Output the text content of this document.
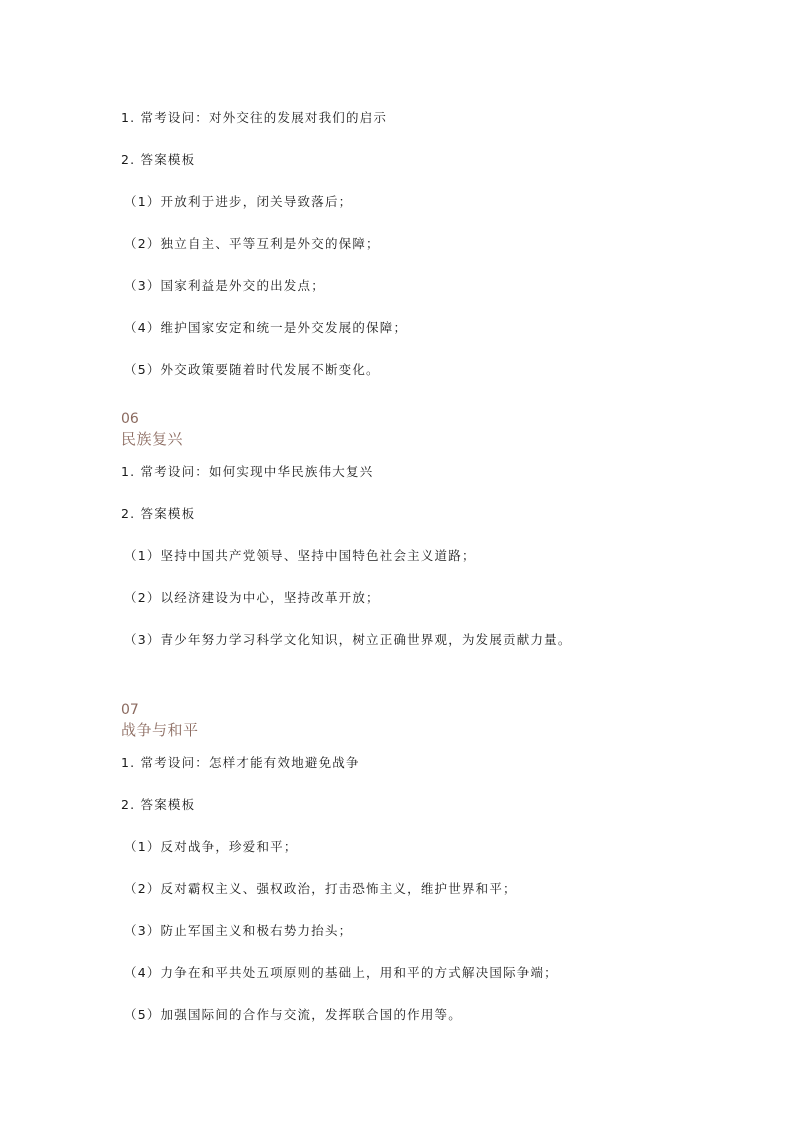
1. 常考设问：对外交往的发展对我们的启示
2. 答案模板
（1）开放利于进步，闭关导致落后；
（2）独立自主、平等互利是外交的保障；
（3）国家利益是外交的出发点；
（4）维护国家安定和统一是外交发展的保障；
（5）外交政策要随着时代发展不断变化。
06
民族复兴
1. 常考设问：如何实现中华民族伟大复兴
2. 答案模板
（1）坚持中国共产党领导、坚持中国特色社会主义道路；
（2）以经济建设为中心，坚持改革开放；
（3）青少年努力学习科学文化知识，树立正确世界观，为发展贡献力量。
07
战争与和平
1. 常考设问：怎样才能有效地避免战争
2. 答案模板
（1）反对战争，珍爱和平；
（2）反对霸权主义、强权政治，打击恐怖主义，维护世界和平；
（3）防止军国主义和极右势力抬头；
（4）力争在和平共处五项原则的基础上，用和平的方式解决国际争端；
（5）加强国际间的合作与交流，发挥联合国的作用等。
